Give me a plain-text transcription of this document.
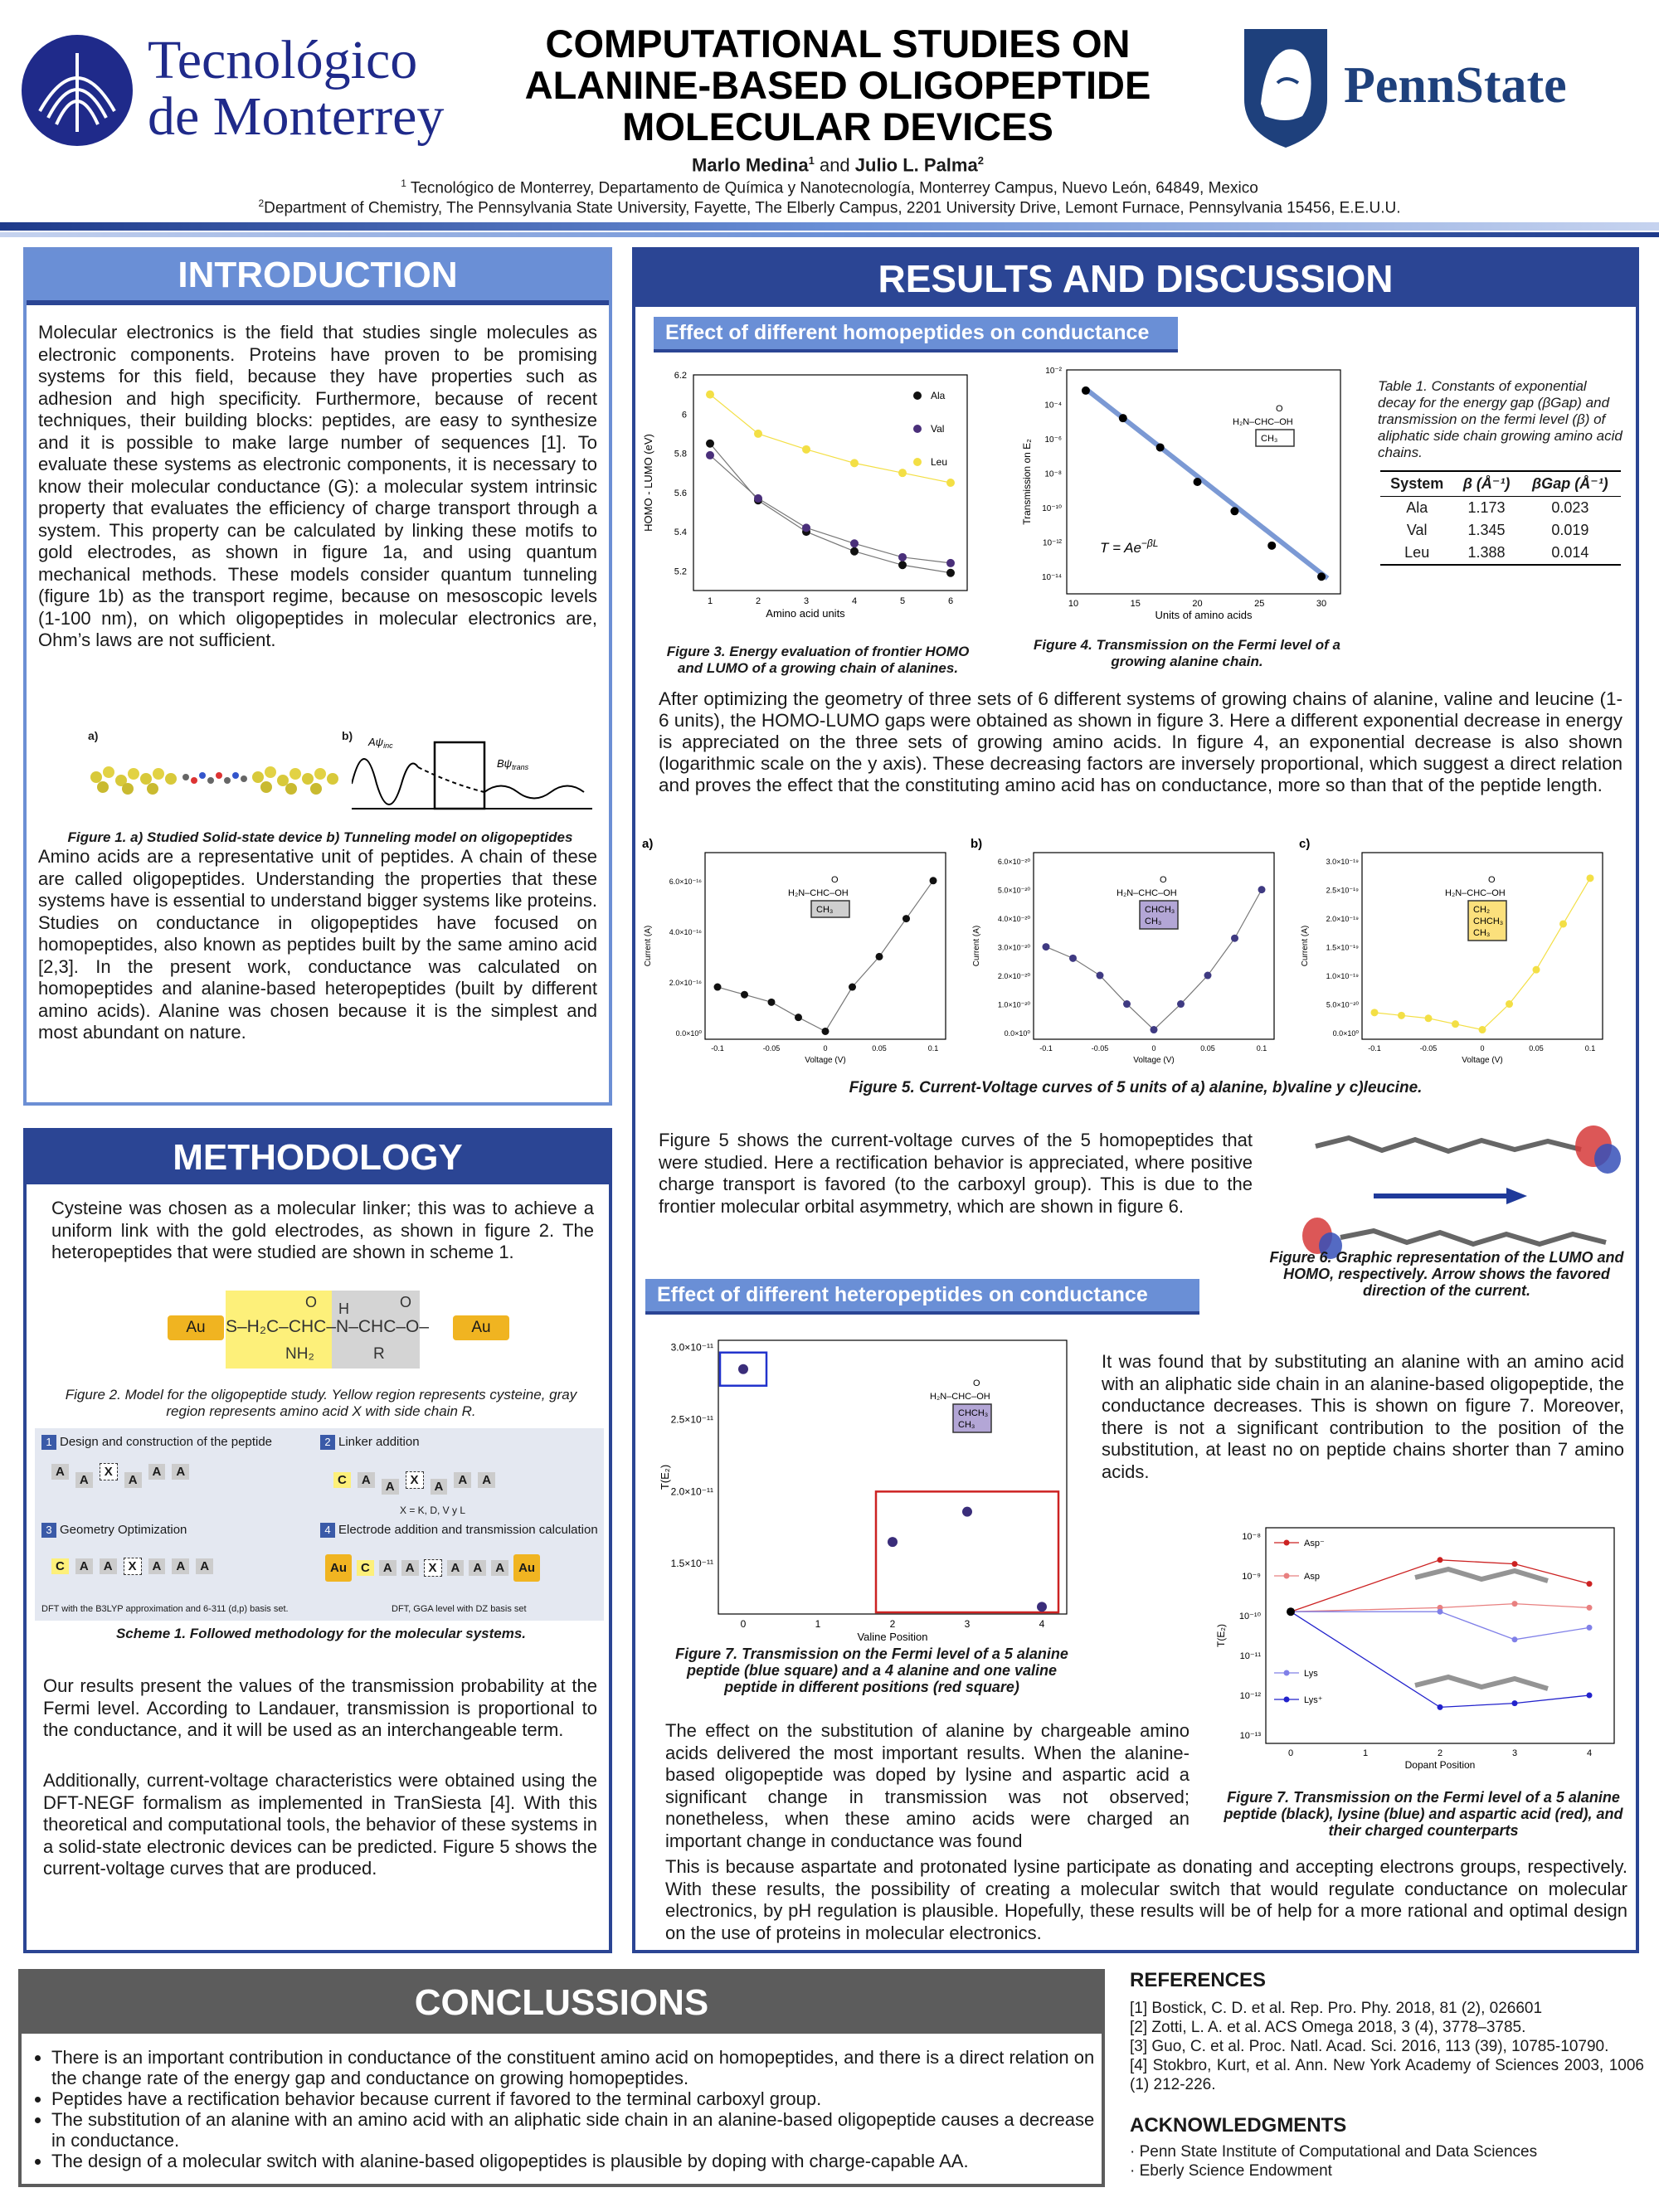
Tecnológico
de Monterrey
COMPUTATIONAL STUDIES ON
ALANINE-BASED OLIGOPEPTIDE
MOLECULAR DEVICES
Marlo Medina$^1$ and Julio L. Palma$^2$
$^1$ Tecnológico de Monterrey, Departamento de Química y Nanotecnología, Monterrey Campus, Nuevo León, 64849, Mexico
$^2$Department of Chemistry, The Pennsylvania State University, Fayette, The Elberly Campus, 2201 University Drive, Lemont Furnace, Pennsylvania 15456, E.E.U.U.
PennState
INTRODUCTION
Molecular electronics is the field that studies single molecules as electronic components. Proteins have proven to be promising systems for this field, because they have properties such as adhesion and high specificity. Furthermore, because of recent techniques, their building blocks: peptides, are easy to synthesize and it is possible to make large number of sequences [1]. To evaluate these systems as electronic components, it is necessary to know their molecular conductance (G): a molecular system intrinsic property that evaluates the efficiency of charge transport through a system. This property can be calculated by linking these motifs to gold electrodes, as shown in figure 1a, and using quantum mechanical methods. These models consider quantum tunneling (figure 1b) as the transport regime, because on mesoscopic levels (1-100 nm), on which oligopeptides in molecular electronics are, Ohm’s laws are not sufficient.
a)	b) $A\psi_{inc}$
$B\psi_{trans}$
Figure 1. a) Studied Solid-state device b) Tunneling model on oligopeptides
Amino acids are a representative unit of peptides. A chain of these are called oligopeptides. Understanding the properties that these systems have is essential to understand bigger systems like proteins. Studies on conductance in oligopeptides have focused on homopeptides, also known as peptides built by the same amino acid [2,3]. In the present work, conductance was calculated on homopeptides and alanine-based heteropeptides (built by different amino acids). Alanine was chosen because it is the simplest and most abundant on nature.
METHODOLOGY
Cysteine was chosen as a molecular linker; this was to achieve a uniform link with the gold electrodes, as shown in figure 2. The heteropeptides that were studied are shown in scheme 1.
Au	Au
S–H₂C–CHC–N–CHC–O–
O H	O
NH₂	R
Figure 2. Model for the oligopeptide study. Yellow region represents cysteine, gray region represents amino acid X with side chain R.
1 Design and construction of the peptide
AAXAA A
2 Linker addition
C A A X A A A
X = K, D, V y L
3 Geometry Optimization
C A A X A A A
DFT with the B3LYP approximation and 6-311 (d,p) basis set.
4 Electrode addition and transmission calculation
Au C A A X A A A Au
DFT, GGA level with DZ basis set
Scheme 1. Followed methodology for the molecular systems.
Our results present the values of the transmission probability at the Fermi level. According to Landauer, transmission is proportional to the conductance, and it will be used as an interchangeable term.
Additionally, current-voltage characteristics were obtained using the DFT-NEGF formalism as implemented in TranSiesta [4]. With this theoretical and computational tools, the behavior of these systems in a solid-state electronic devices can be predicted. Figure 5 shows the current-voltage curves that are produced.
RESULTS AND DISCUSSION
Effect of different homopeptides on conductance
6.2
6
5.8
5.6
5.4
5.2
1	2	3	4	5	6
Amino acid units
HOMO - LUMO (eV)
Ala
Val
Leu
Figure 3. Energy evaluation of frontier HOMO and LUMO of a growing chain of alanines.
10⁻²
10⁻⁴
10⁻⁶
10⁻⁸
10⁻¹⁰
10⁻¹²
10⁻¹⁴
10	15	20	25	30
Units of amino acids
Transmission on E₂
$T = Ae^{-\beta L}$
O
H₂N–CHC–OH
CH₃
Figure 4. Transmission on the Fermi level of a growing alanine chain.
Table 1. Constants of exponential decay for the energy gap (βGap) and transmission on the fermi level (β) of aliphatic side chain growing amino acid chains.
System	β (Å⁻¹)	βGap (Å⁻¹)
Ala	1.173	0.023
Val	1.345	0.019
Leu	1.388	0.014
After optimizing the geometry of three sets of 6 different systems of growing chains of alanine, valine and leucine (1-6 units), the HOMO-LUMO gaps were obtained as shown in figure 3. Here a different exponential decrease in energy is appreciated on the three sets of growing amino acids. In figure 4, an exponential decrease is also shown (logarithmic scale on the y axis). These decreasing factors are inversely proportional, which suggest a direct relation and proves the effect that the constituting amino acid has on conductance, more so than that of the peptide length.
a)
6.0×10⁻¹⁶
4.0×10⁻¹⁶
2.0×10⁻¹⁶
0.0×10⁰
-0.1	-0.05	0	0.05	0.1
Voltage (V)
Current (A)
O
H₂N–CHC–OH
CH₃
b)
6.0×10⁻²⁰
5.0×10⁻²⁰
4.0×10⁻²⁰
3.0×10⁻²⁰
2.0×10⁻²⁰
1.0×10⁻²⁰
0.0×10⁰
-0.1	-0.05	0	0.05	0.1
Voltage (V)
Current (A)
O
H₂N–CHC–OH
CHCH₃
CH₃
c)
3.0×10⁻¹⁹
2.5×10⁻¹⁹
2.0×10⁻¹⁹
1.5×10⁻¹⁹
1.0×10⁻¹⁹
5.0×10⁻²⁰
0.0×10⁰
-0.1	-0.05	0	0.05	0.1
Voltage (V)
Current (A)
O
H₂N–CHC–OH
CH₂
CHCH₃
CH₃
Figure 5. Current-Voltage curves of 5 units of a) alanine, b)valine y c)leucine.
Figure 5 shows the current-voltage curves of the 5 homopeptides that were studied. Here a rectification behavior is appreciated, where positive charge transport is favored (to the carboxyl group). This is due to the frontier molecular orbital asymmetry, which are shown in figure 6.
Figure 6. Graphic representation of the LUMO and HOMO, respectively. Arrow shows the favored direction of the current.
Effect of different heteropeptides on conductance
3.0×10⁻¹¹
2.5×10⁻¹¹
2.0×10⁻¹¹
1.5×10⁻¹¹
0	1	2	3	4
Valine Position
T(E₂)
O
H₂N–CHC–OH
CHCH₃
CH₃
Figure 7. Transmission on the Fermi level of a 5 alanine peptide (blue square) and a 4 alanine and one valine peptide in different positions (red square)
It was found that by substituting an alanine with an amino acid with an aliphatic side chain in an alanine-based oligopeptide, the conductance decreases. This is shown on figure 7. Moreover, there is not a significant contribution to the position of the substitution, at least no on peptide chains shorter than 7 amino acids.
10⁻⁸
10⁻⁹
10⁻¹⁰
10⁻¹¹
10⁻¹²
10⁻¹³
0	1	2	3	4
Dopant Position
T(E₂)
Asp⁻
Asp
Lys
Lys⁺
Figure 7. Transmission on the Fermi level of a 5 alanine peptide (black), lysine (blue) and aspartic acid (red), and their charged counterparts
The effect on the substitution of alanine by chargeable amino acids delivered the most important results. When the alanine-based oligopeptide was doped by lysine and aspartic acid a significant change in transmission was not observed; nonetheless, when these amino acids were charged an important change in conductance was found
This is because aspartate and protonated lysine participate as donating and accepting electrons groups, respectively. With these results, the possibility of creating a molecular switch that would regulate conductance on molecular electronics, by pH regulation is plausible. Hopefully, these results will be of help for a more rational and optimal design on the use of proteins in molecular electronics.
CONCLUSSIONS
• There is an important contribution in conductance of the constituent amino acid on homopeptides, and there is a direct relation on the change rate of the energy gap and conductance on growing homopeptides.
• Peptides have a rectification behavior because current if favored to the terminal carboxyl group.
• The substitution of an alanine with an amino acid with an aliphatic side chain in an alanine-based oligopeptide causes a decrease in conductance.
• The design of a molecular switch with alanine-based oligopeptides is plausible by doping with charge-capable AA.
REFERENCES
[1] Bostick, C. D. et al. Rep. Pro. Phy. 2018, 81 (2), 026601
[2] Zotti, L. A. et al. ACS Omega 2018, 3 (4), 3778–3785.
[3] Guo, C. et al. Proc. Natl. Acad. Sci. 2016, 113 (39), 10785-10790.
[4] Stokbro, Kurt, et al. Ann. New York Academy of Sciences 2003, 1006 (1) 212-226.
ACKNOWLEDGMENTS
· Penn State Institute of Computational and Data Sciences
· Eberly Science Endowment
